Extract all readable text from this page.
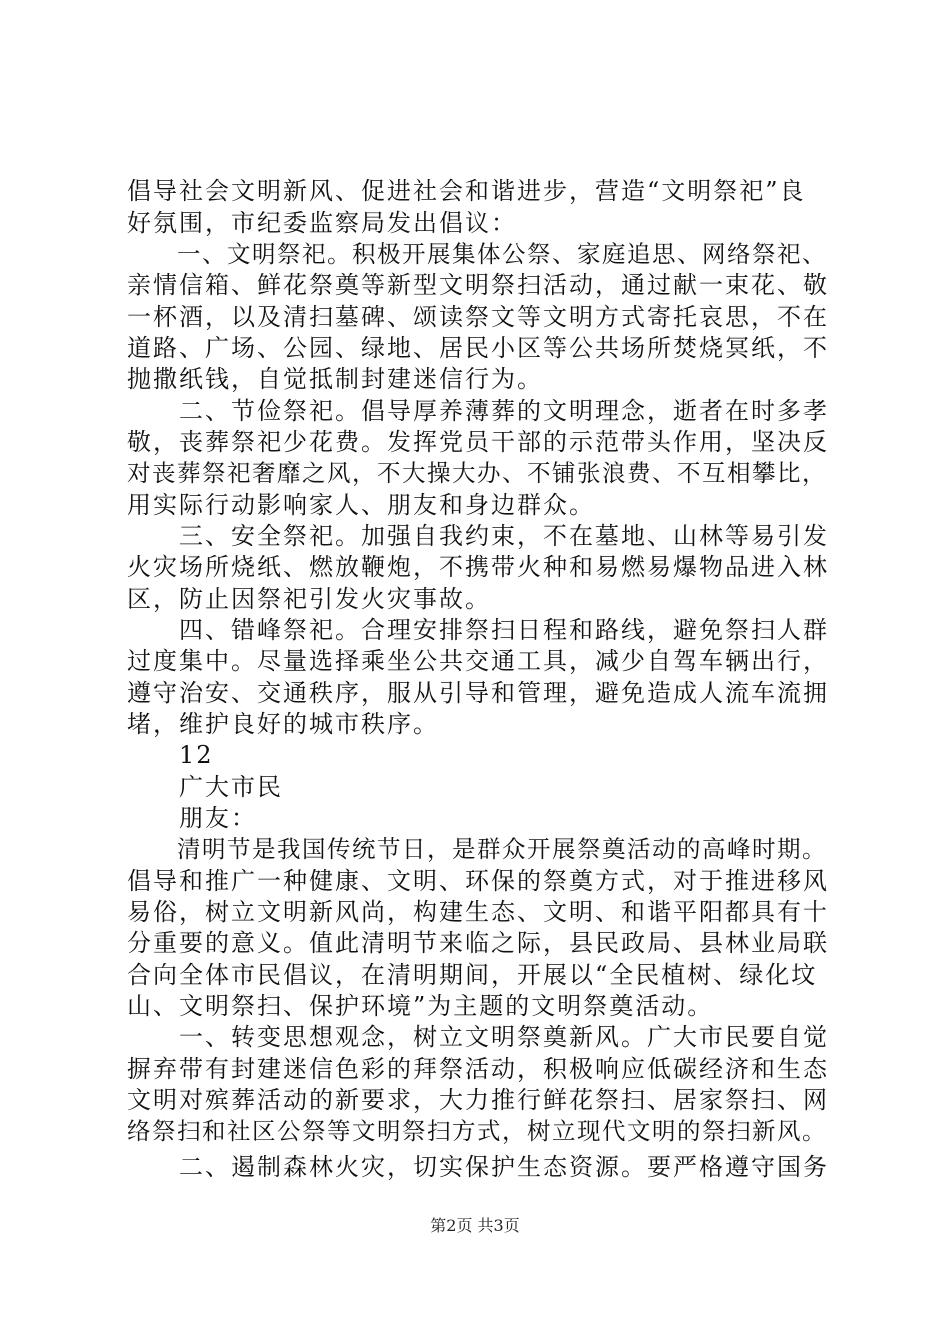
倡导社会文明新风、促进社会和谐进步，营造“文明祭祀”良
好氛围，市纪委监察局发出倡议：
　　一、文明祭祀。积极开展集体公祭、家庭追思、网络祭祀、
亲情信箱、鲜花祭奠等新型文明祭扫活动，通过献一束花、敬
一杯酒，以及清扫墓碑、颂读祭文等文明方式寄托哀思，不在
道路、广场、公园、绿地、居民小区等公共场所焚烧冥纸，不
抛撒纸钱，自觉抵制封建迷信行为。
　　二、节俭祭祀。倡导厚养薄葬的文明理念，逝者在时多孝
敬，丧葬祭祀少花费。发挥党员干部的示范带头作用，坚决反
对丧葬祭祀奢靡之风，不大操大办、不铺张浪费、不互相攀比，
用实际行动影响家人、朋友和身边群众。
　　三、安全祭祀。加强自我约束，不在墓地、山林等易引发
火灾场所烧纸、燃放鞭炮，不携带火种和易燃易爆物品进入林
区，防止因祭祀引发火灾事故。
　　四、错峰祭祀。合理安排祭扫日程和路线，避免祭扫人群
过度集中。尽量选择乘坐公共交通工具，减少自驾车辆出行，
遵守治安、交通秩序，服从引导和管理，避免造成人流车流拥
堵，维护良好的城市秩序。
　　12
　　广大市民
　　朋友：
　　清明节是我国传统节日，是群众开展祭奠活动的高峰时期。
倡导和推广一种健康、文明、环保的祭奠方式，对于推进移风
易俗，树立文明新风尚，构建生态、文明、和谐平阳都具有十
分重要的意义。值此清明节来临之际，县民政局、县林业局联
合向全体市民倡议，在清明期间，开展以“全民植树、绿化坟
山、文明祭扫、保护环境”为主题的文明祭奠活动。
　　一、转变思想观念，树立文明祭奠新风。广大市民要自觉
摒弃带有封建迷信色彩的拜祭活动，积极响应低碳经济和生态
文明对殡葬活动的新要求，大力推行鲜花祭扫、居家祭扫、网
络祭扫和社区公祭等文明祭扫方式，树立现代文明的祭扫新风。
　　二、遏制森林火灾，切实保护生态资源。要严格遵守国务
第2页 共3页
